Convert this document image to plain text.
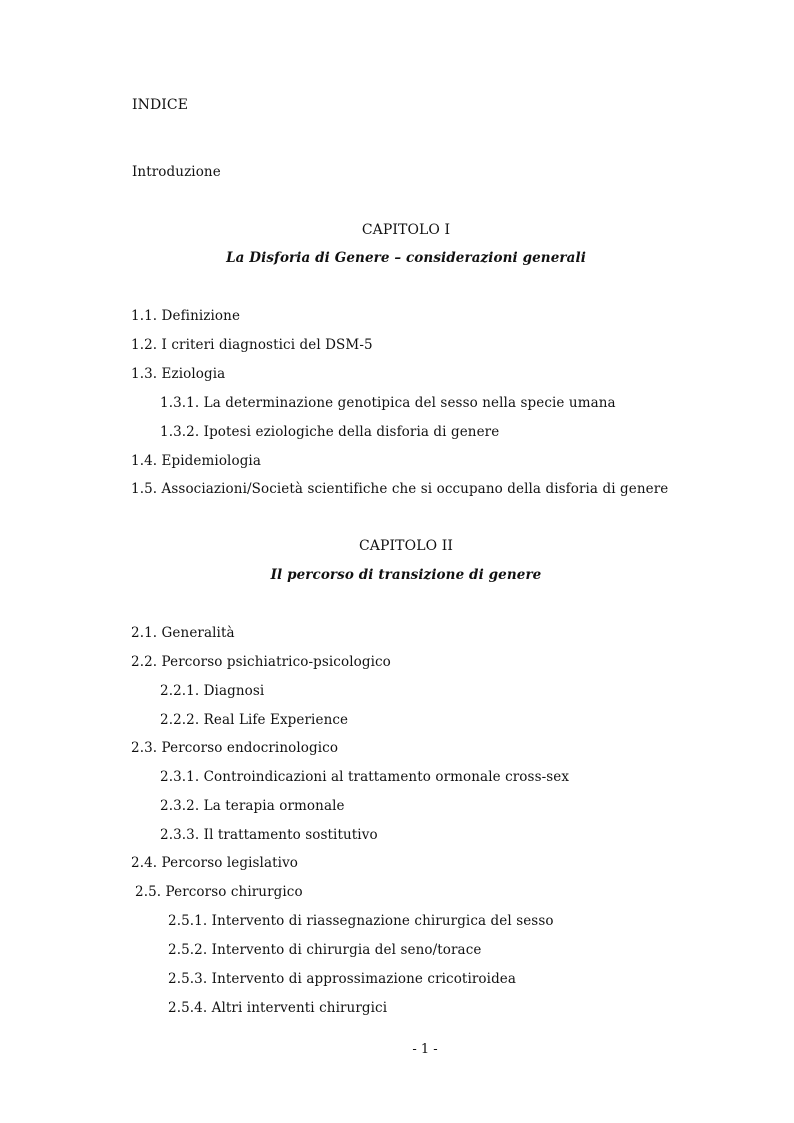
INDICE
Introduzione
CAPITOLO I
La Disforia di Genere – considerazioni generali
1.1. Definizione
1.2. I criteri diagnostici del DSM-5
1.3. Eziologia
1.3.1. La determinazione genotipica del sesso nella specie umana
1.3.2. Ipotesi eziologiche della disforia di genere
1.4. Epidemiologia
1.5. Associazioni/Società scientifiche che si occupano della disforia di genere
CAPITOLO II
Il percorso di transizione di genere
2.1. Generalità
2.2. Percorso psichiatrico-psicologico
2.2.1. Diagnosi
2.2.2. Real Life Experience
2.3. Percorso endocrinologico
2.3.1. Controindicazioni al trattamento ormonale cross-sex
2.3.2. La terapia ormonale
2.3.3. Il trattamento sostitutivo
2.4. Percorso legislativo
2.5. Percorso chirurgico
2.5.1. Intervento di riassegnazione chirurgica del sesso
2.5.2. Intervento di chirurgia del seno/torace
2.5.3. Intervento di approssimazione cricotiroidea
2.5.4. Altri interventi chirurgici
- 1 -
